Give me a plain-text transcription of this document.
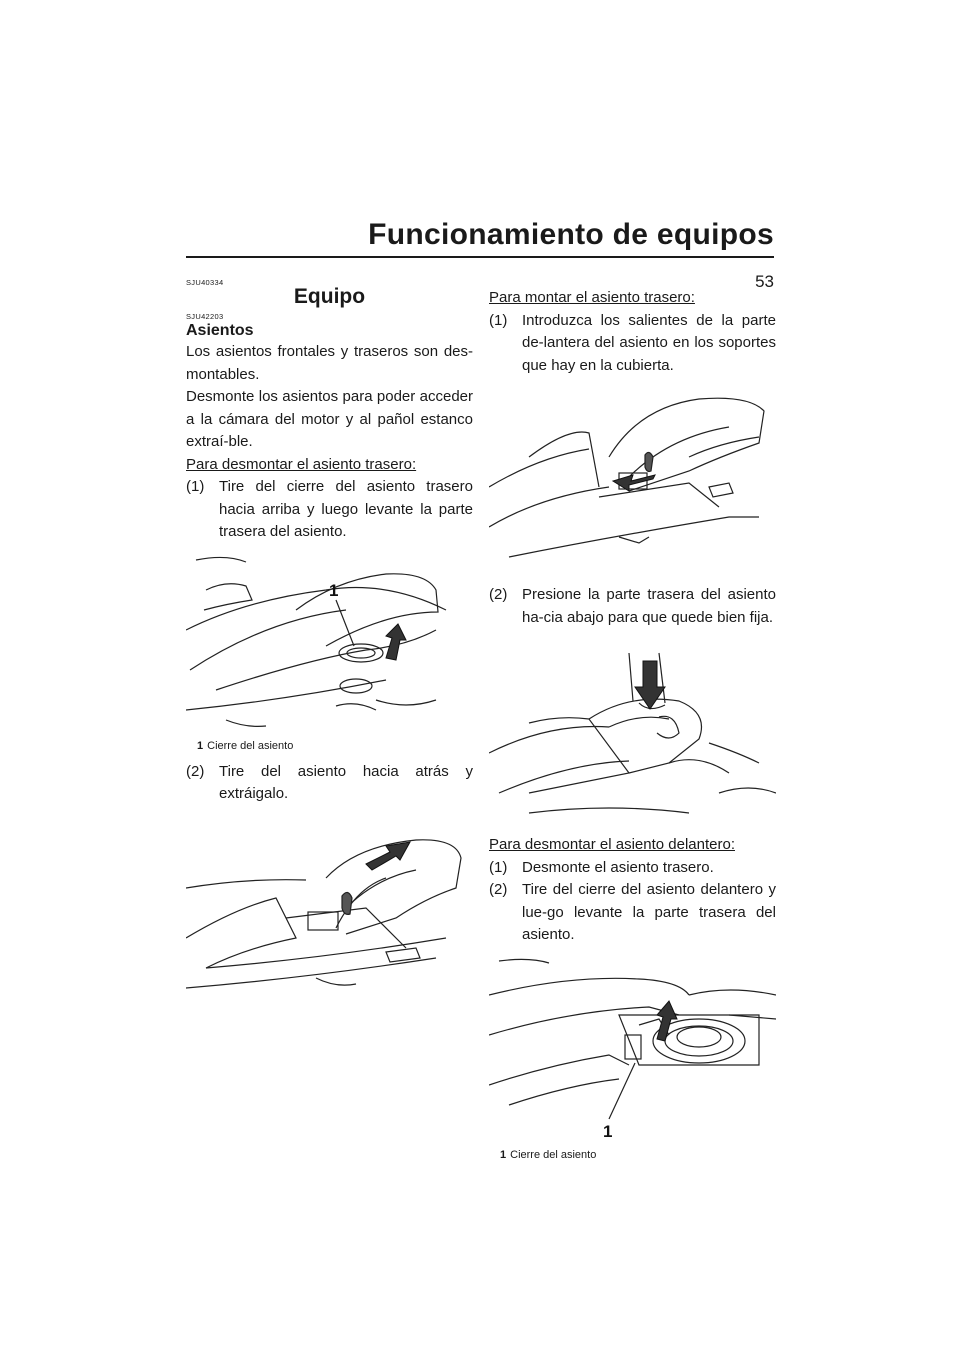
Funcionamiento de equipos
53
SJU40334
Equipo
SJU42203
Asientos

Los asientos frontales y traseros son des-montables.

Desmonte los asientos para poder acceder a la cámara del motor y al pañol estanco extraí-ble.

Para desmontar el asiento trasero:

(1) Tire del cierre del asiento trasero hacia arriba y luego levante la parte trasera del asiento.
1
1 Cierre del asiento
(2) Tire del asiento hacia atrás y extráigalo.

Para montar el asiento trasero:

(1) Introduzca los salientes de la parte de-lantera del asiento en los soportes que hay en la cubierta.
(2) Presione la parte trasera del asiento ha-cia abajo para que quede bien fija.

Para desmontar el asiento delantero:

(1) Desmonte el asiento trasero.
(2) Tire del cierre del asiento delantero y lue-go levante la parte trasera del asiento.
1
1 Cierre del asiento
